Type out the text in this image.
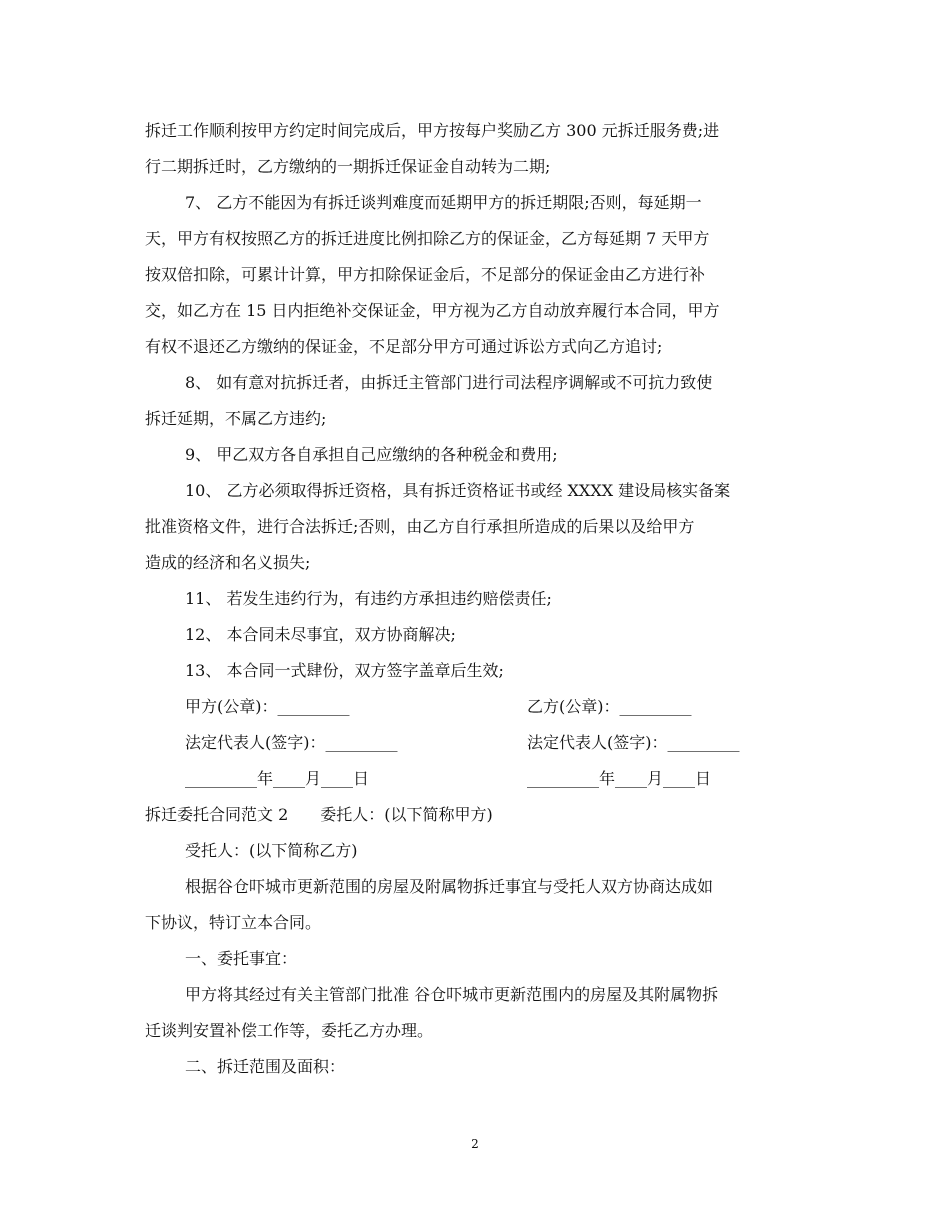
拆迁工作顺利按甲方约定时间完成后，甲方按每户奖励乙方 300 元拆迁服务费;进
行二期拆迁时，乙方缴纳的一期拆迁保证金自动转为二期;
7、 乙方不能因为有拆迁谈判难度而延期甲方的拆迁期限;否则，每延期一
天，甲方有权按照乙方的拆迁进度比例扣除乙方的保证金，乙方每延期 7 天甲方
按双倍扣除，可累计计算，甲方扣除保证金后，不足部分的保证金由乙方进行补
交，如乙方在 15 日内拒绝补交保证金，甲方视为乙方自动放弃履行本合同，甲方
有权不退还乙方缴纳的保证金，不足部分甲方可通过诉讼方式向乙方追讨;
8、 如有意对抗拆迁者，由拆迁主管部门进行司法程序调解或不可抗力致使
拆迁延期，不属乙方违约;
9、 甲乙双方各自承担自己应缴纳的各种税金和费用;
10、 乙方必须取得拆迁资格，具有拆迁资格证书或经 XXXX 建设局核实备案
批准资格文件，进行合法拆迁;否则，由乙方自行承担所造成的后果以及给甲方
造成的经济和名义损失;
11、 若发生违约行为，有违约方承担违约赔偿责任;
12、 本合同未尽事宜，双方协商解决;
13、 本合同一式肆份，双方签字盖章后生效;
甲方(公章)：_________	乙方(公章)：_________
法定代表人(签字)：_________	法定代表人(签字)：_________
_________年____月____日	_________年____月____日
拆迁委托合同范文 2　　委托人：(以下简称甲方)
受托人：(以下简称乙方)
根据谷仓吓城市更新范围的房屋及附属物拆迁事宜与受托人双方协商达成如
下协议，特订立本合同。
一、委托事宜：
甲方将其经过有关主管部门批准 谷仓吓城市更新范围内的房屋及其附属物拆
迁谈判安置补偿工作等，委托乙方办理。
二、拆迁范围及面积：
2
